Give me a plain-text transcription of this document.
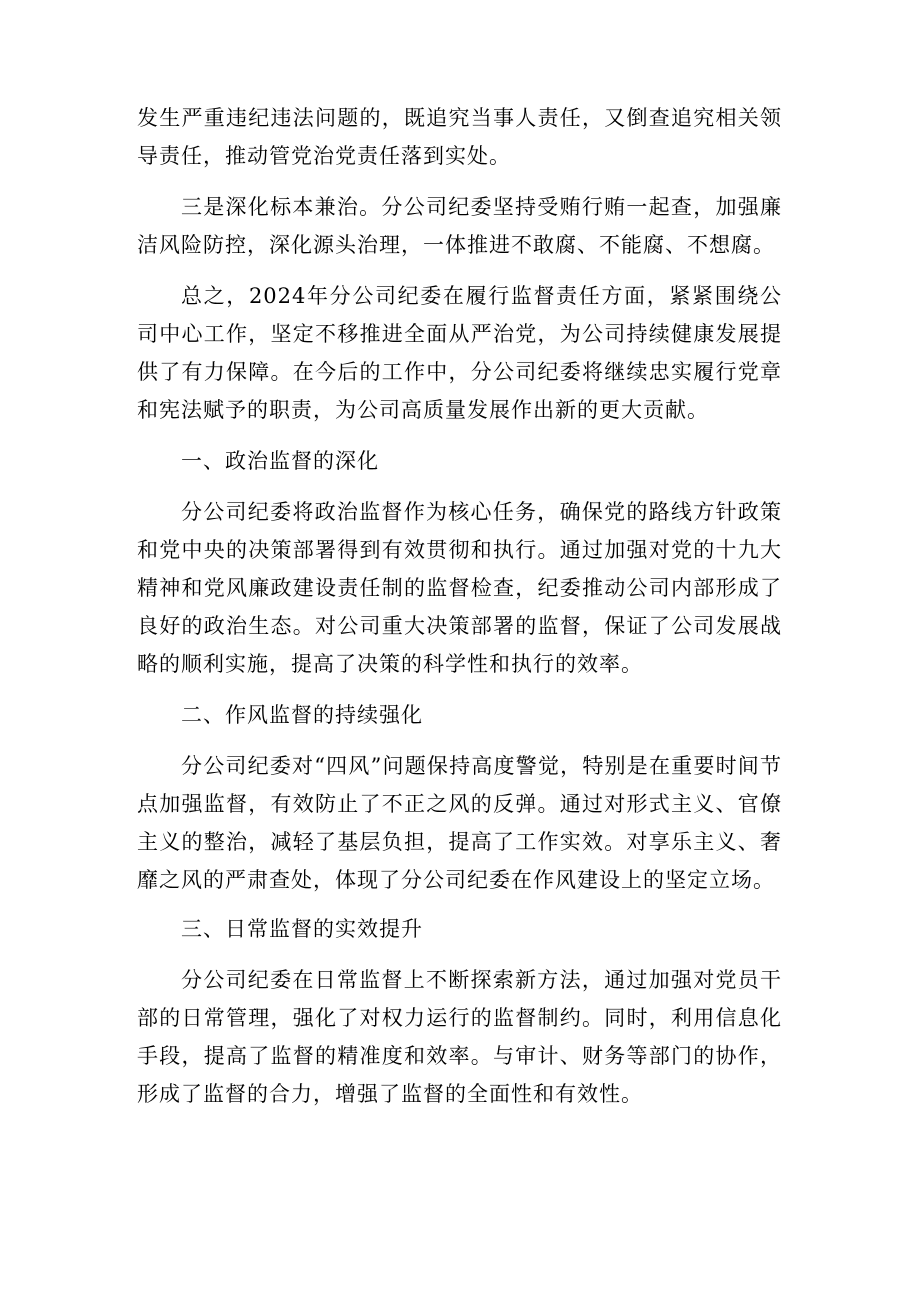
发生严重违纪违法问题的，既追究当事人责任，又倒查追究相关领导责任，推动管党治党责任落到实处。

三是深化标本兼治。分公司纪委坚持受贿行贿一起查，加强廉洁风险防控，深化源头治理，一体推进不敢腐、不能腐、不想腐。

总之，2024年分公司纪委在履行监督责任方面，紧紧围绕公司中心工作，坚定不移推进全面从严治党，为公司持续健康发展提供了有力保障。在今后的工作中，分公司纪委将继续忠实履行党章和宪法赋予的职责，为公司高质量发展作出新的更大贡献。

一、政治监督的深化

分公司纪委将政治监督作为核心任务，确保党的路线方针政策和党中央的决策部署得到有效贯彻和执行。通过加强对党的十九大精神和党风廉政建设责任制的监督检查，纪委推动公司内部形成了良好的政治生态。对公司重大决策部署的监督，保证了公司发展战略的顺利实施，提高了决策的科学性和执行的效率。

二、作风监督的持续强化

分公司纪委对“四风”问题保持高度警觉，特别是在重要时间节点加强监督，有效防止了不正之风的反弹。通过对形式主义、官僚主义的整治，减轻了基层负担，提高了工作实效。对享乐主义、奢靡之风的严肃查处，体现了分公司纪委在作风建设上的坚定立场。

三、日常监督的实效提升

分公司纪委在日常监督上不断探索新方法，通过加强对党员干部的日常管理，强化了对权力运行的监督制约。同时，利用信息化手段，提高了监督的精准度和效率。与审计、财务等部门的协作，形成了监督的合力，增强了监督的全面性和有效性。
